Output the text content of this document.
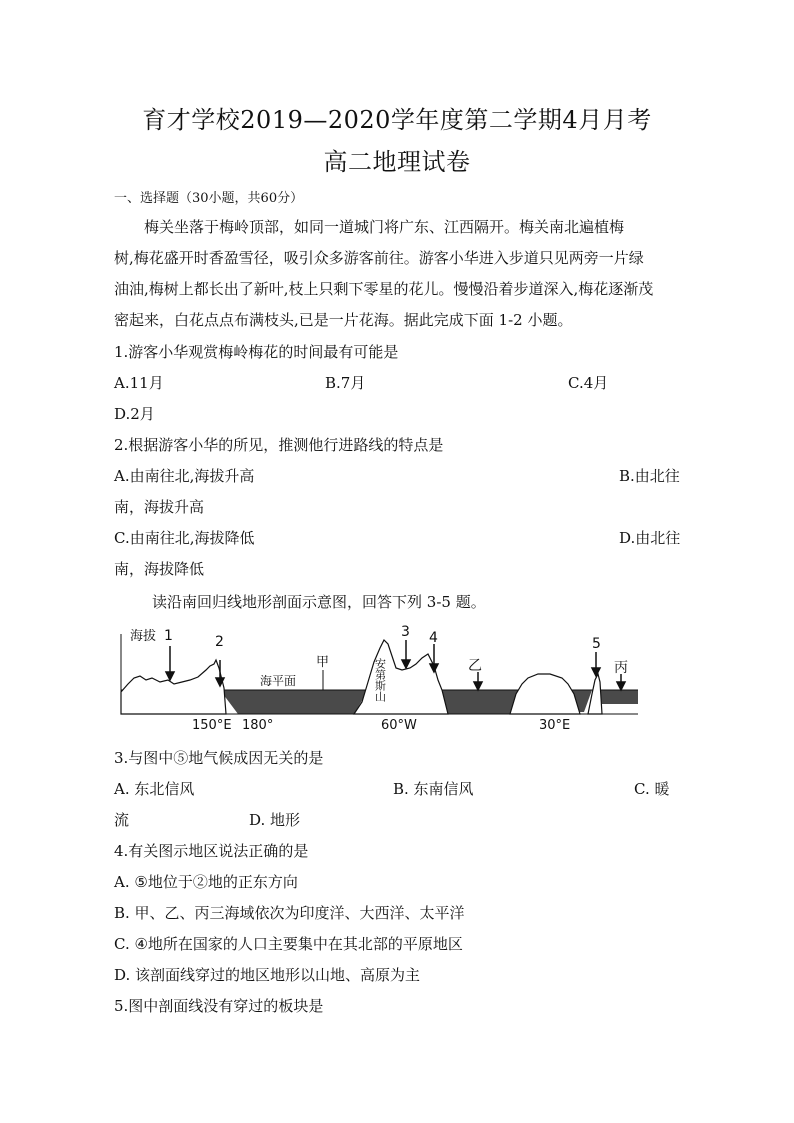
育才学校2019—2020学年度第二学期4月月考
高二地理试卷
一、选择题（30小题，共60分）
梅关坐落于梅岭顶部，如同一道城门将广东、江西隔开。梅关南北遍植梅
树,梅花盛开时香盈雪径，吸引众多游客前往。游客小华进入步道只见两旁一片绿
油油,梅树上都长出了新叶,枝上只剩下零星的花儿。慢慢沿着步道深入,梅花逐渐茂
密起来，白花点点布满枝头,已是一片花海。据此完成下面 1-2 小题。
1.游客小华观赏梅岭梅花的时间最有可能是
A.11月	B.7月	C.4月
D.2月
2.根据游客小华的所见，推测他行进路线的特点是
A.由南往北,海拔升高	B.由北往
南，海拔升高
C.由南往北,海拔降低	D.由北往
南，海拔降低
读沿南回归线地形剖面示意图，回答下列 3-5 题。
海拔 1	2
3 4	5
海平面
甲	乙	丙
安第斯山
150°E 180°	60°W	30°E
3.与图中⑤地气候成因无关的是
A. 东北信风	B. 东南信风	C. 暖
流	D. 地形
4.有关图示地区说法正确的是
A. ⑤地位于②地的正东方向
B. 甲、乙、丙三海域依次为印度洋、大西洋、太平洋
C. ④地所在国家的人口主要集中在其北部的平原地区
D. 该剖面线穿过的地区地形以山地、高原为主
5.图中剖面线没有穿过的板块是
